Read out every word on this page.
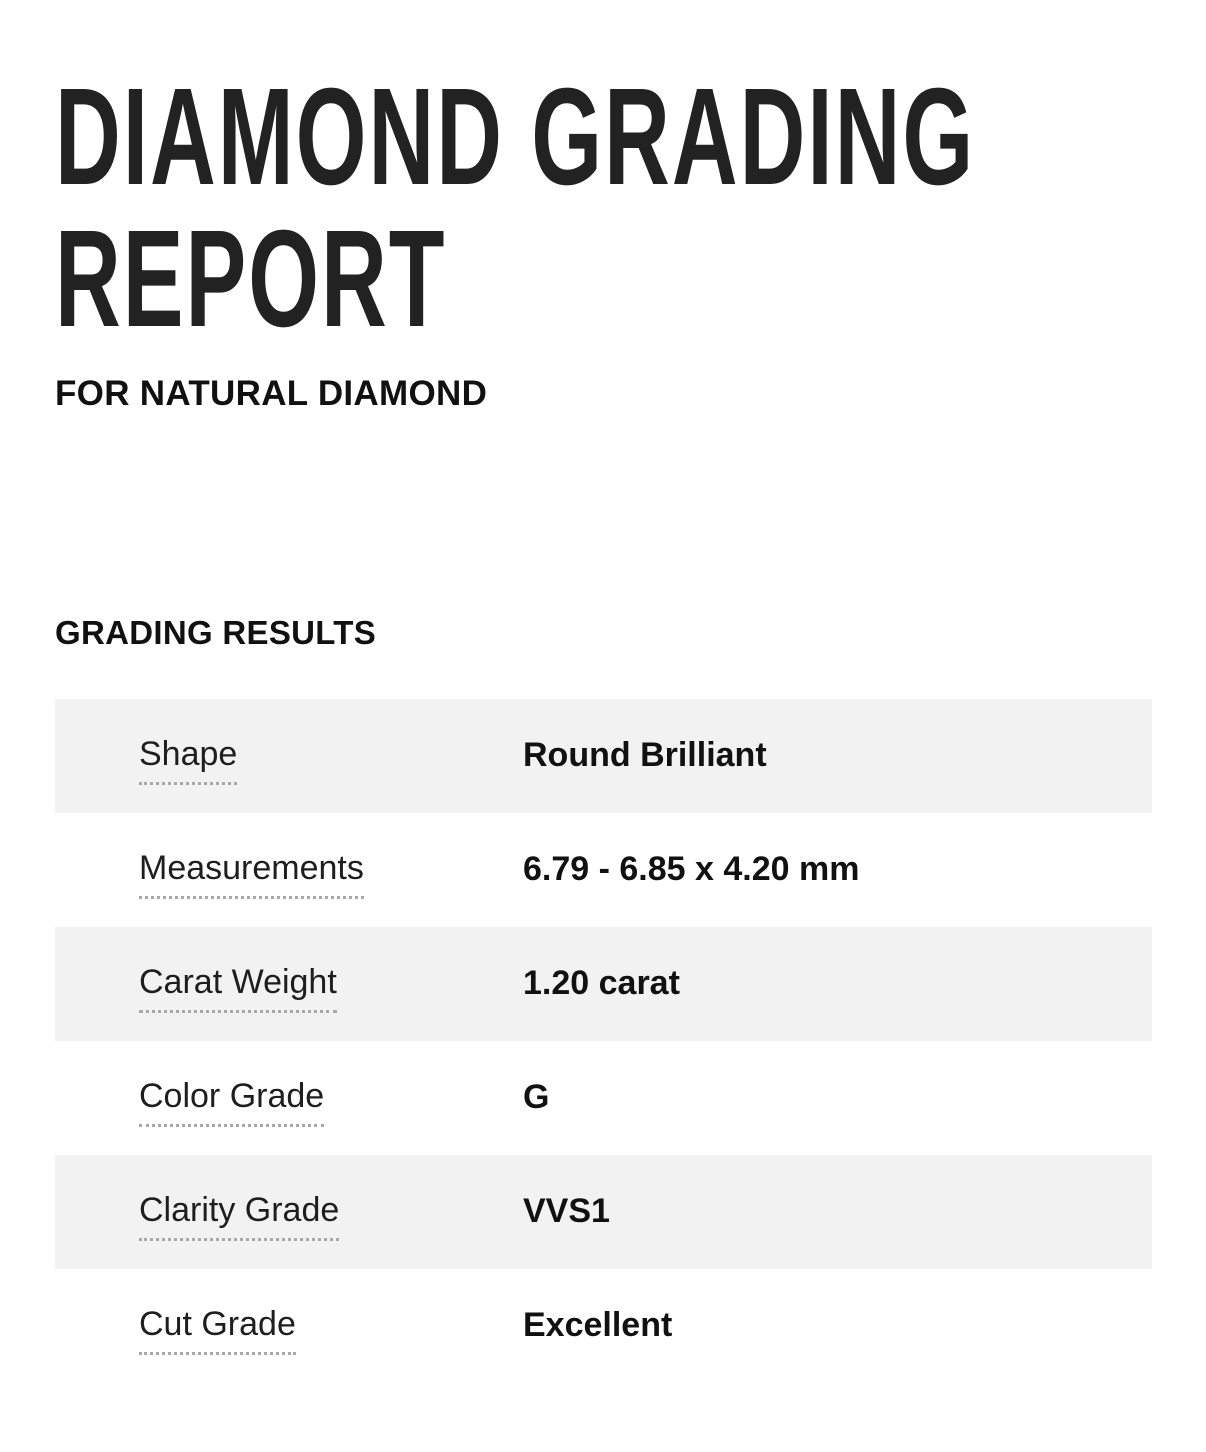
DIAMOND GRADING
REPORT
FOR NATURAL DIAMOND
GRADING RESULTS
Shape	Round Brilliant
Measurements	6.79 - 6.85 x 4.20 mm
Carat Weight	1.20 carat
Color Grade	G
Clarity Grade	VVS1
Cut Grade	Excellent
